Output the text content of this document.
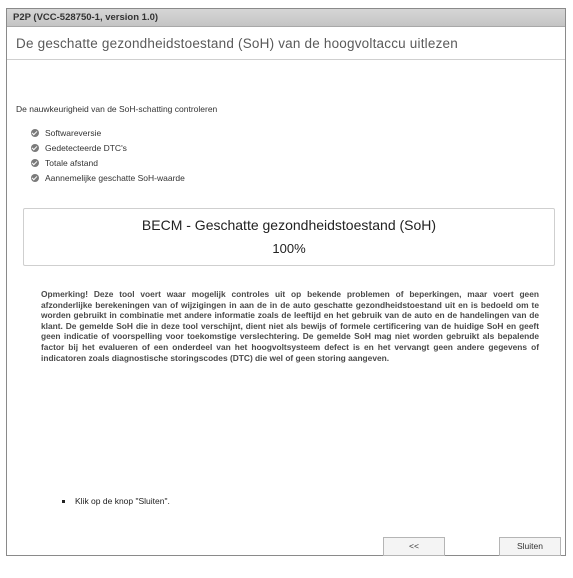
P2P (VCC-528750-1, version 1.0)
De geschatte gezondheidstoestand (SoH) van de hoogvoltaccu uitlezen
De nauwkeurigheid van de SoH-schatting controleren
Softwareversie
Gedetecteerde DTC's
Totale afstand
Aannemelijke geschatte SoH-waarde
BECM - Geschatte gezondheidstoestand (SoH)
100%
Opmerking! Deze tool voert waar mogelijk controles uit op bekende problemen of beperkingen, maar voert geen afzonderlijke berekeningen van of wijzigingen in aan de in de auto geschatte gezondheidstoestand uit en is bedoeld om te worden gebruikt in combinatie met andere informatie zoals de leeftijd en het gebruik van de auto en de handelingen van de klant. De gemelde SoH die in deze tool verschijnt, dient niet als bewijs of formele certificering van de huidige SoH en geeft geen indicatie of voorspelling voor toekomstige verslechtering. De gemelde SoH mag niet worden gebruikt als bepalende factor bij het evalueren of een onderdeel van het hoogvoltsysteem defect is en het vervangt geen andere gegevens of indicatoren zoals diagnostische storingscodes (DTC) die wel of geen storing aangeven.
Klik op de knop "Sluiten".
<<	Sluiten
